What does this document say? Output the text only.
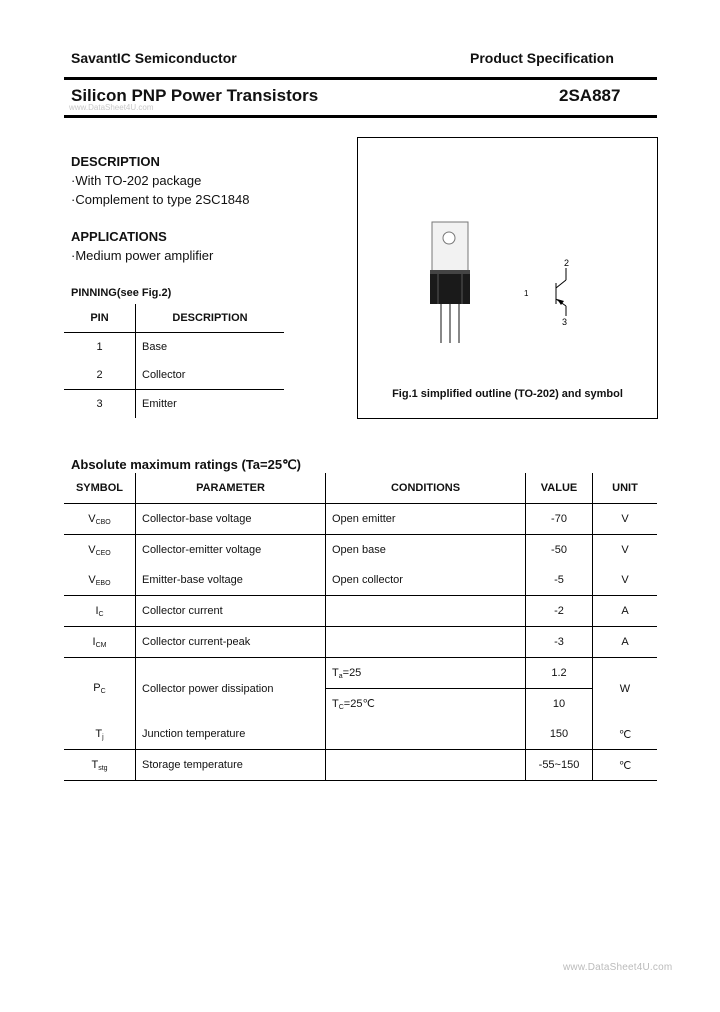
SavantIC Semiconductor	Product Specification
Silicon PNP Power Transistors	2SA887
www.DataSheet4U.com
DESCRIPTION
·With TO-202 package
·Complement to type 2SC1848
APPLICATIONS
·Medium power amplifier
PINNING(see Fig.2)
PIN	DESCRIPTION
1	Base
2	Collector
3	Emitter
1
2
3
Fig.1 simplified outline (TO-202) and symbol
Absolute maximum ratings (Ta=25℃)
SYMBOL	PARAMETER	CONDITIONS	VALUE	UNIT
$V_{CBO}$	Collector-base voltage	Open emitter	-70	V
$V_{CEO}$	Collector-emitter voltage	Open base	-50	V
$V_{EBO}$	Emitter-base voltage	Open collector	-5	V
$I_C$	Collector current		-2	A
$I_{CM}$	Collector current-peak		-3	A
$P_C$	Collector power dissipation	$T_a=25$	1.2	W
		$T_C=25℃$	10	
$T_j$	Junction temperature		150	℃
$T_{stg}$	Storage temperature		-55~150	℃
www.DataSheet4U.com
